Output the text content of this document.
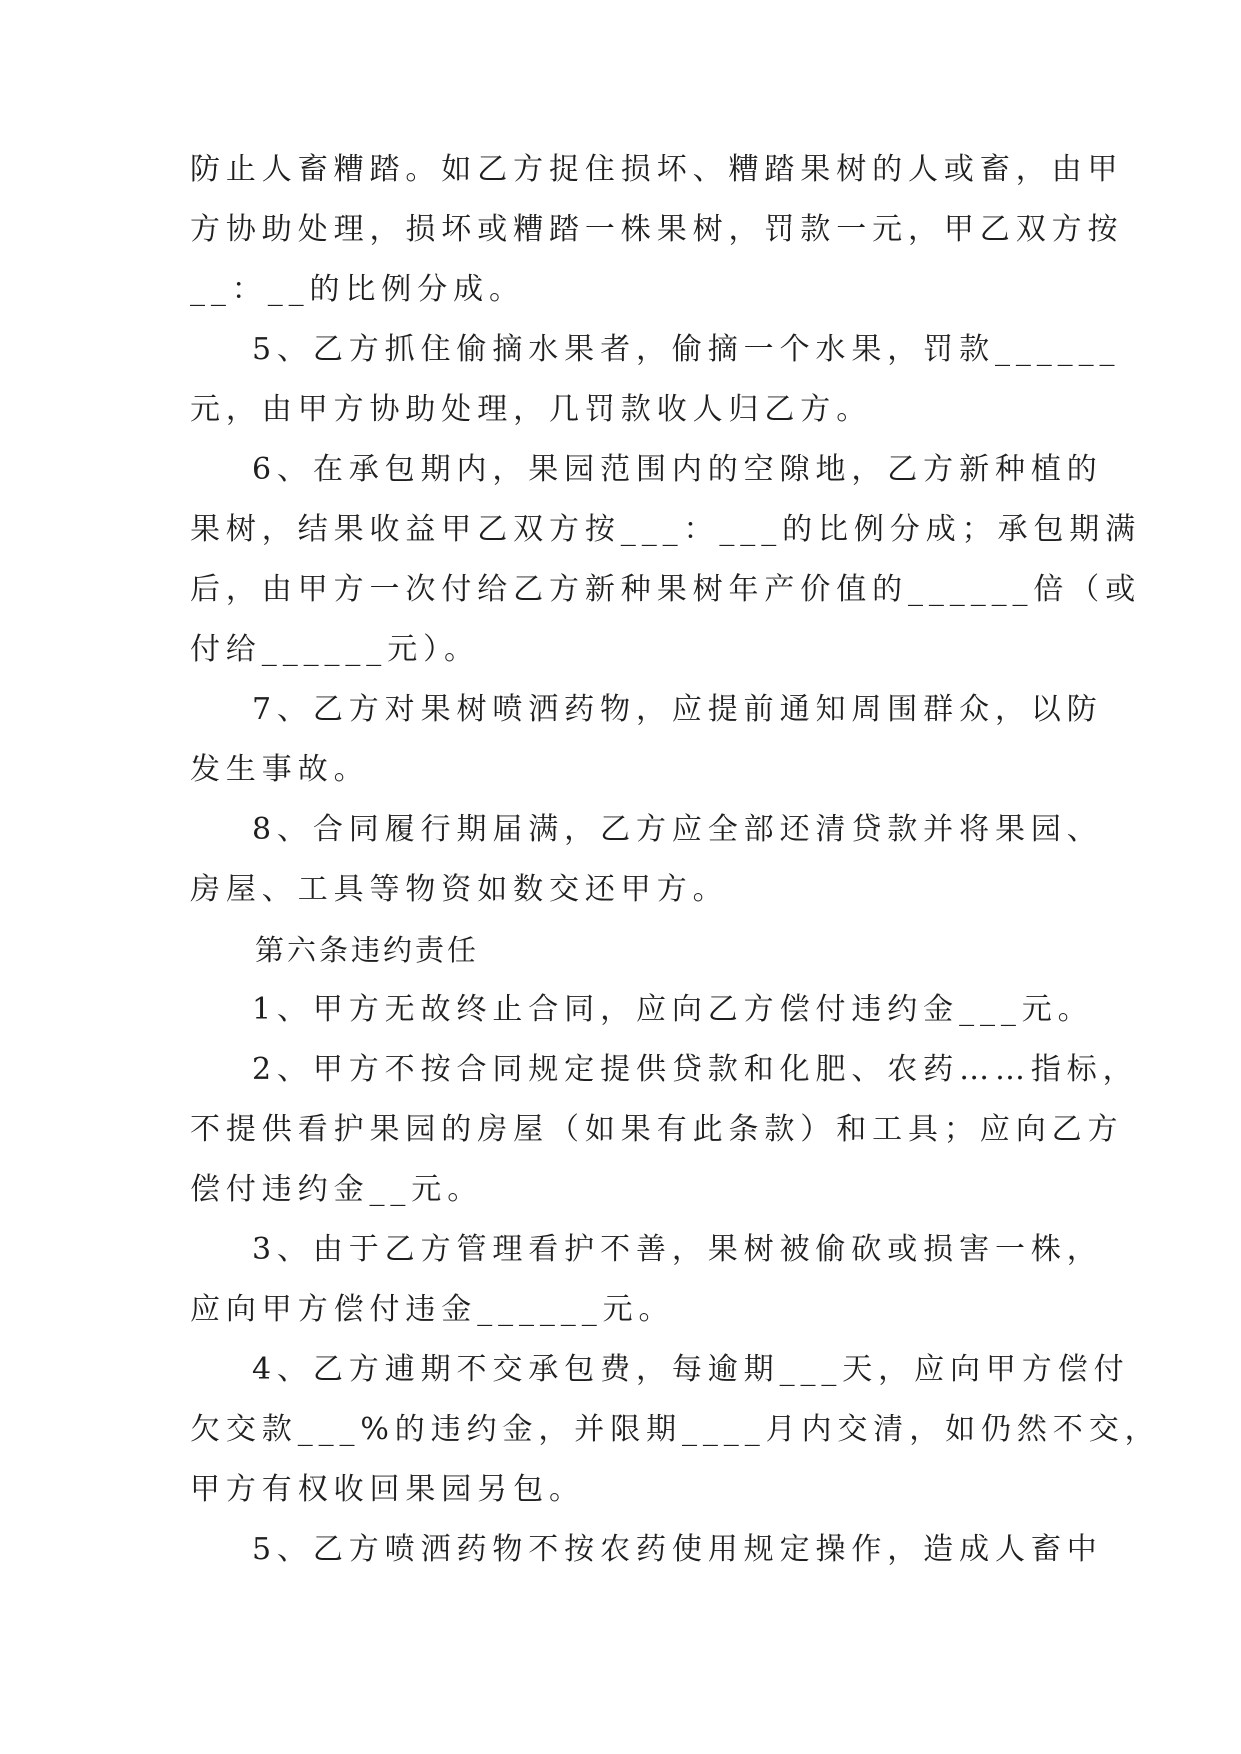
防止人畜糟踏。如乙方捉住损坏、糟踏果树的人或畜，由甲
方协助处理，损坏或糟踏一株果树，罚款一元，甲乙双方按
__：__的比例分成。
5、乙方抓住偷摘水果者，偷摘一个水果，罚款______
元，由甲方协助处理，几罚款收人归乙方。
6、在承包期内，果园范围内的空隙地，乙方新种植的
果树，结果收益甲乙双方按___：___的比例分成；承包期满
后，由甲方一次付给乙方新种果树年产价值的______倍（或
付给______元）。
7、乙方对果树喷洒药物，应提前通知周围群众，以防
发生事故。
8、合同履行期届满，乙方应全部还清贷款并将果园、
房屋、工具等物资如数交还甲方。
第六条违约责任
1、甲方无故终止合同，应向乙方偿付违约金___元。
2、甲方不按合同规定提供贷款和化肥、农药……指标，
不提供看护果园的房屋（如果有此条款）和工具；应向乙方
偿付违约金__元。
3、由于乙方管理看护不善，果树被偷砍或损害一株，
应向甲方偿付违金______元。
4、乙方逋期不交承包费，每逾期___天，应向甲方偿付
欠交款___%的违约金，并限期____月内交清，如仍然不交，
甲方有权收回果园另包。
5、乙方喷洒药物不按农药使用规定操作，造成人畜中
